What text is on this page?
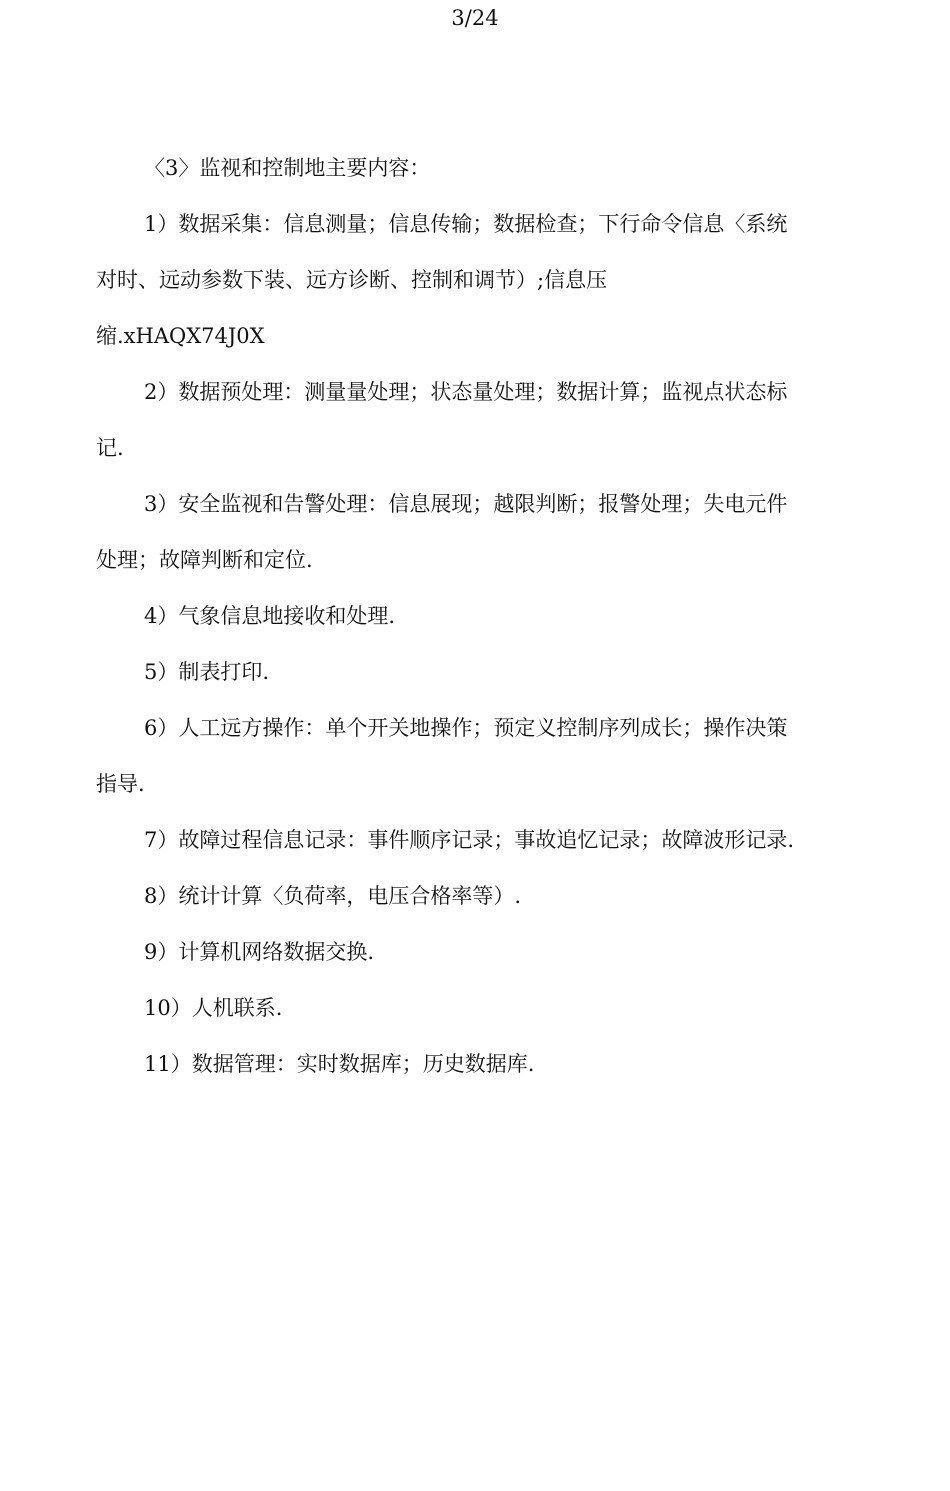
3/24
〈3〉监视和控制地主要内容：
1）数据采集：信息测量；信息传输；数据检查；下行命令信息〈系统
对时、远动参数下装、远方诊断、控制和调节）;信息压
缩.xHAQX74J0X
2）数据预处理：测量量处理；状态量处理；数据计算；监视点状态标
记.
3）安全监视和告警处理：信息展现；越限判断；报警处理；失电元件
处理；故障判断和定位.
4）气象信息地接收和处理.
5）制表打印.
6）人工远方操作：单个开关地操作；预定义控制序列成长；操作决策
指导.
7）故障过程信息记录：事件顺序记录；事故追忆记录；故障波形记录.
8）统计计算〈负荷率，电压合格率等）.
9）计算机网络数据交换.
10）人机联系.
11）数据管理：实时数据库；历史数据库.
